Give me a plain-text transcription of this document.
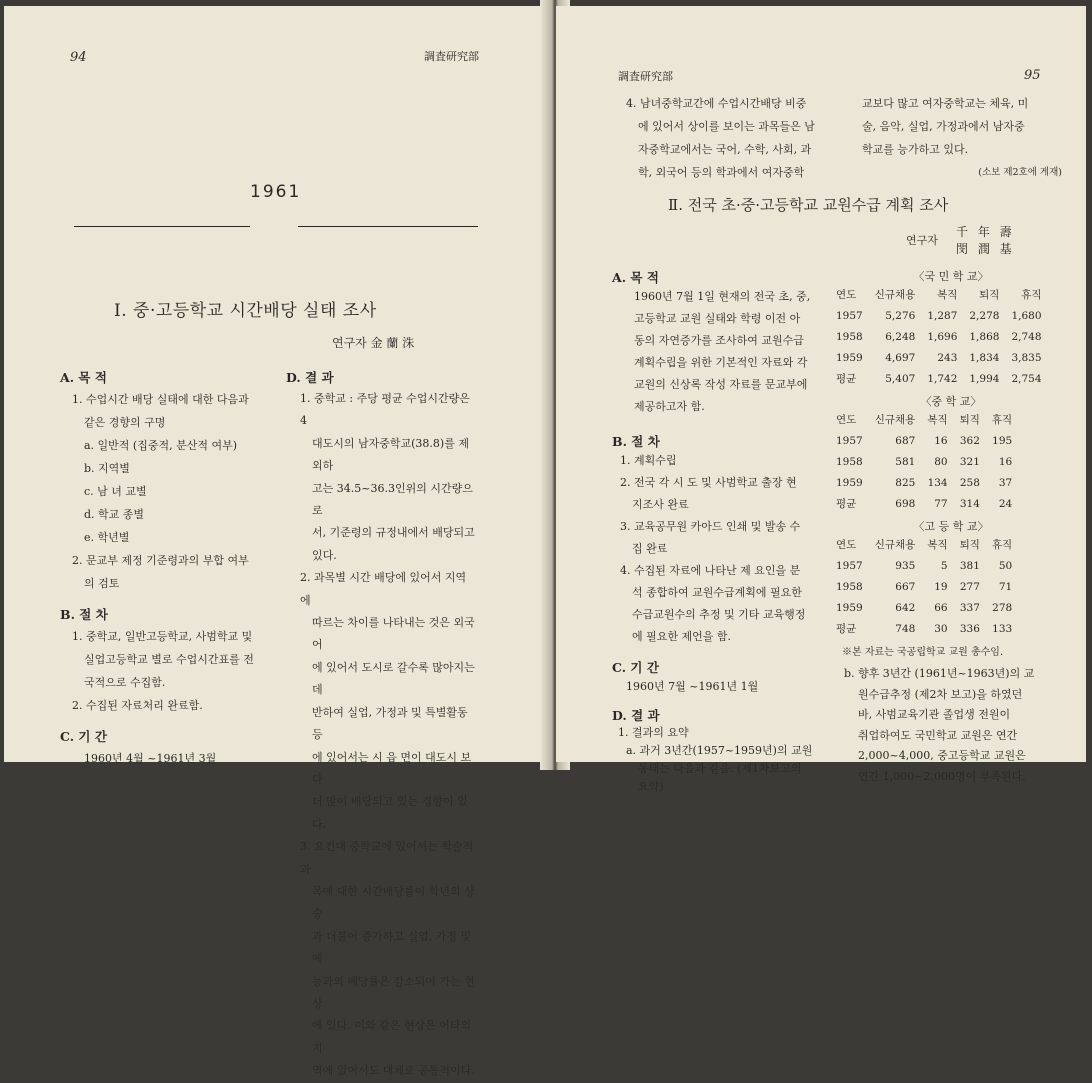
94	調査研究部
1961
Ⅰ. 중·고등학교 시간배당 실태 조사
연구자 金 蘭 洙
A. 목 적
1. 수업시간 배당 실태에 대한 다음과
같은 경향의 구명
a. 일반적 (집중적, 분산적 여부)
b. 지역별
c. 남 녀 교별
d. 학교 종별
e. 학년별
2. 문교부 제정 기준령과의 부합 여부
의 검토
B. 절 차
1. 중학교, 일반고등학교, 사범학교 및
실업고등학교 별로 수업시간표를 전
국적으로 수집함.
2. 수집된 자료처리 완료함.
C. 기 간
1960년 4월 ~1961년 3월
D. 결 과
1. 중학교 : 주당 평균 수업시간량은 4
대도시의 남자중학교(38.8)를 제외하
고는 34.5~36.3인위의 시간량으로
서, 기준령의 규정내에서 배당되고
있다.
2. 과목별 시간 배당에 있어서 지역에
따르는 차이를 나타내는 것은 외국어
에 있어서 도시로 갈수록 많아지는데
반하여 실업, 가정과 및 특별활동 등
에 있어서는 시 읍 면이 대도시 보다
더 많이 배당되고 있는 경향이 있
다.
3. 요컨대 중학교에 있어서는 학술적 과
목에 대한 시간배당률이 학년의 상승
과 더불어 증가하고 실업, 가정 및 예
능과의 배당률은 감소되어 가는 현상
에 있다. 이와 같은 현상은 어타의 지
역에 있어서도 대체로 공통적이다.
調査研究部	95
4. 남녀중학교간에 수업시간배당 비중
에 있어서 상이를 보이는 과목들은 남
자중학교에서는 국어, 수학, 사회, 과
학, 외국어 등의 학과에서 여자중학
교보다 많고 여자중학교는 체육, 미
술, 음악, 실업, 가정과에서 남자중
학교를 능가하고 있다.
(소보 제2호에 게재)
Ⅱ. 전국 초·중·고등학교 교원수급 계획 조사
연구자
千 年 壽
閔 潤 基
A. 목 적
1960년 7월 1일 현재의 전국 초, 중,
고등학교 교원 실태와 학령 이전 아
동의 자연증가를 조사하여 교원수급
계획수립을 위한 기본적인 자료와 각
교원의 신상록 작성 자료를 문교부에
제공하고자 함.
B. 절 차
1. 계획수립
2. 전국 각 시 도 및 사범학교 출장 현
지조사 완료
3. 교육공무원 카아드 인쇄 및 발송 수
집 완료
4. 수집된 자료에 나타난 제 요인을 분
석 종합하여 교원수급계획에 필요한
수급교원수의 추정 및 기타 교육행정
에 필요한 제언을 함.
C. 기 간
1960년 7월 ~1961년 1월
D. 결 과
1. 결과의 요약
a. 과거 3년간(1957~1959년)의 교원
동태는 다음과 같음. (제1차보고의
요약)
〈국 민 학 교〉
연도	신규채용	복직	퇴직	휴직
1957	5,276	1,287	2,278	1,680
1958	6,248	1,696	1,868	2,748
1959	4,697	243	1,834	3,835
평균	5,407	1,742	1,994	2,754
〈중 학 교〉
연도	신규채용	복직	퇴직	휴직
1957	687	16	362	195
1958	581	80	321	16
1959	825	134	258	37
평균	698	77	314	24
〈고 등 학 교〉
연도	신규채용	복직	퇴직	휴직
1957	935	5	381	50
1958	667	19	277	71
1959	642	66	337	278
평균	748	30	336	133
※본 자료는 국공립학교 교원 총수임.
b. 향후 3년간 (1961년~1963년)의 교
원수급추정 (제2차 보고)을 하였던
바, 사범교육기관 졸업생 전원이
취업하여도 국민학교 교원은 연간
2,000~4,000, 중고등학교 교원은
연간 1,000~2,000명이 부족된다.
